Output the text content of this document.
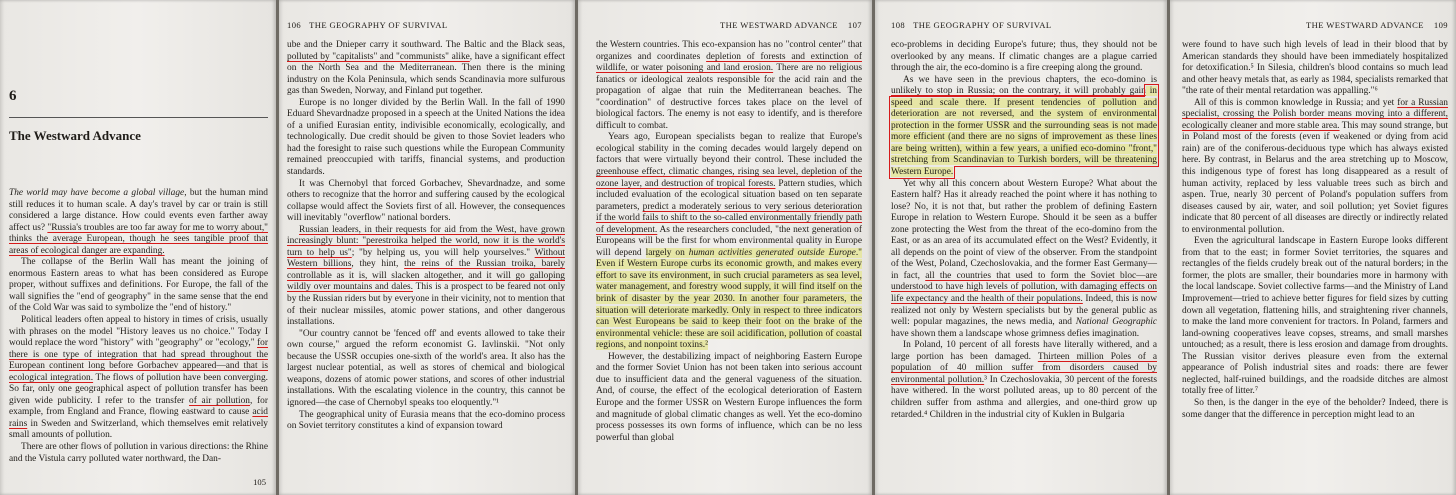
6
The Westward Advance

The world may have become a global village, but the human mind still reduces it to human scale. A day's travel by car or train is still considered a large distance. How could events even farther away affect us? "Russia's troubles are too far away for me to worry about," thinks the average European, though he sees tangible proof that areas of ecological danger are expanding.

The collapse of the Berlin Wall has meant the joining of enormous Eastern areas to what has been considered as Europe proper, without suffixes and definitions. For Europe, the fall of the wall signifies the "end of geography" in the same sense that the end of the Cold War was said to symbolize the "end of history."

Political leaders often appeal to history in times of crisis, usually with phrases on the model "History leaves us no choice." Today I would replace the word "history" with "geography" or "ecology," for there is one type of integration that had spread throughout the European continent long before Gorbachev appeared—and that is ecological integration. The flows of pollution have been converging. So far, only one geographical aspect of pollution transfer has been given wide publicity. I refer to the transfer of air pollution, for example, from England and France, flowing eastward to cause acid rains in Sweden and Switzerland, which themselves emit relatively small amounts of pollution.

There are other flows of pollution in various directions: the Rhine and the Vistula carry polluted water northward, the Dan-

105
106 THE GEOGRAPHY OF SURVIVAL

ube and the Dnieper carry it southward. The Baltic and the Black seas, polluted by "capitalists" and "communists" alike, have a significant effect on the North Sea and the Mediterranean. Then there is the mining industry on the Kola Peninsula, which sends Scandinavia more sulfurous gas than Sweden, Norway, and Finland put together.

Europe is no longer divided by the Berlin Wall. In the fall of 1990 Eduard Shevardnadze proposed in a speech at the United Nations the idea of a unified Eurasian entity, indivisible economically, ecologically, and technologically. Due credit should be given to those Soviet leaders who had the foresight to raise such questions while the European Community remained preoccupied with tariffs, financial systems, and production standards.

It was Chernobyl that forced Gorbachev, Shevardnadze, and some others to recognize that the horror and suffering caused by the ecological collapse would affect the Soviets first of all. However, the consequences will inevitably "overflow" national borders.

Russian leaders, in their requests for aid from the West, have grown increasingly blunt: "perestroika helped the world, now it is the world's turn to help us"; "by helping us, you will help yourselves." Without Western billions, they hint, the reins of the Russian troika, barely controllable as it is, will slacken altogether, and it will go galloping wildly over mountains and dales. This is a prospect to be feared not only by the Russian riders but by everyone in their vicinity, not to mention that of their nuclear missiles, atomic power stations, and other dangerous installations.

"Our country cannot be 'fenced off' and events allowed to take their own course," argued the reform economist G. Iavlinskii. "Not only because the USSR occupies one-sixth of the world's area. It also has the largest nuclear potential, as well as stores of chemical and biological weapons, dozens of atomic power stations, and scores of other industrial installations. With the escalating violence in the country, this cannot be ignored—the case of Chernobyl speaks too eloquently."¹

The geographical unity of Eurasia means that the eco-domino process on Soviet territory constitutes a kind of expansion toward

THE WESTWARD ADVANCE 107

the Western countries. This eco-expansion has no "control center" that organizes and coordinates depletion of forests and extinction of wildlife, or water poisoning and land erosion. There are no religious fanatics or ideological zealots responsible for the acid rain and the propagation of algae that ruin the Mediterranean beaches. The "coordination" of destructive forces takes place on the level of biological factors. The enemy is not easy to identify, and is therefore difficult to combat.

Years ago, European specialists began to realize that Europe's ecological stability in the coming decades would largely depend on factors that were virtually beyond their control. These included the greenhouse effect, climatic changes, rising sea level, depletion of the ozone layer, and destruction of tropical forests. Pattern studies, which included evaluation of the ecological situation based on ten separate parameters, predict a moderately serious to very serious deterioration if the world fails to shift to the so-called environmentally friendly path of development. As the researchers concluded, "the next generation of Europeans will be the first for whom environmental quality in Europe will depend largely on human activities generated outside Europe." Even if Western Europe curbs its economic growth, and makes every effort to save its environment, in such crucial parameters as sea level, water management, and forestry wood supply, it will find itself on the brink of disaster by the year 2030. In another four parameters, the situation will deteriorate markedly. Only in respect to three indicators can West Europeans be said to keep their foot on the brake of the environmental vehicle: these are soil acidification, pollution of coastal regions, and nonpoint toxins.²

However, the destabilizing impact of neighboring Eastern Europe and the former Soviet Union has not been taken into serious account due to insufficient data and the general vagueness of the situation. And, of course, the effect of the ecological deterioration of Eastern Europe and the former USSR on Western Europe influences the form and magnitude of global climatic changes as well. Yet the eco-domino process possesses its own forms of influence, which can be no less powerful than global

108 THE GEOGRAPHY OF SURVIVAL

eco-problems in deciding Europe's future; thus, they should not be overlooked by any means. If climatic changes are a plague carried through the air, the eco-domino is a fire creeping along the ground.

As we have seen in the previous chapters, the eco-domino is unlikely to stop in Russia; on the contrary, it will probably gain in speed and scale there. If present tendencies of pollution and deterioration are not reversed, and the system of environmental protection in the former USSR and the surrounding seas is not made more efficient (and there are no signs of improvement as these lines are being written), within a few years, a unified eco-domino "front," stretching from Scandinavian to Turkish borders, will be threatening Western Europe.

Yet why all this concern about Western Europe? What about the Eastern half? Has it already reached the point where it has nothing to lose? No, it is not that, but rather the problem of defining Eastern Europe in relation to Western Europe. Should it be seen as a buffer zone protecting the West from the threat of the eco-domino from the East, or as an area of its accumulated effect on the West? Evidently, it all depends on the point of view of the observer. From the standpoint of the West, Poland, Czechoslovakia, and the former East Germany—in fact, all the countries that used to form the Soviet bloc—are understood to have high levels of pollution, with damaging effects on life expectancy and the health of their populations. Indeed, this is now realized not only by Western specialists but by the general public as well: popular magazines, the news media, and National Geographic have shown them a landscape whose grimness defies imagination.

In Poland, 10 percent of all forests have literally withered, and a large portion has been damaged. Thirteen million Poles of a population of 40 million suffer from disorders caused by environmental pollution.³ In Czechoslovakia, 30 percent of the forests have withered. In the worst polluted areas, up to 80 percent of the children suffer from asthma and allergies, and one-third grow up retarded.⁴ Children in the industrial city of Kuklen in Bulgaria

THE WESTWARD ADVANCE 109

were found to have such high levels of lead in their blood that by American standards they should have been immediately hospitalized for detoxification.⁵ In Silesia, children's blood contains so much lead and other heavy metals that, as early as 1984, specialists remarked that "the rate of their mental retardation was appalling."⁶

All of this is common knowledge in Russia; and yet for a Russian specialist, crossing the Polish border means moving into a different, ecologically cleaner and more stable area. This may sound strange, but in Poland most of the forests (even if weakened or dying from acid rain) are of the coniferous-deciduous type which has always existed here. By contrast, in Belarus and the area stretching up to Moscow, this indigenous type of forest has long disappeared as a result of human activity, replaced by less valuable trees such as birch and aspen. True, nearly 30 percent of Poland's population suffers from diseases caused by air, water, and soil pollution; yet Soviet figures indicate that 80 percent of all diseases are directly or indirectly related to environmental pollution.

Even the agricultural landscape in Eastern Europe looks different from that to the east; in former Soviet territories, the squares and rectangles of the fields crudely break out of the natural borders; in the former, the plots are smaller, their boundaries more in harmony with the local landscape. Soviet collective farms—and the Ministry of Land Improvement—tried to achieve better figures for field sizes by cutting down all vegetation, flattening hills, and straightening river channels, to make the land more convenient for tractors. In Poland, farmers and land-owning cooperatives leave copses, streams, and small marshes untouched; as a result, there is less erosion and damage from droughts. The Russian visitor derives pleasure even from the external appearance of Polish industrial sites and roads: there are fewer neglected, half-ruined buildings, and the roadside ditches are almost totally free of litter.⁷

So then, is the danger in the eye of the beholder? Indeed, there is some danger that the difference in perception might lead to an
